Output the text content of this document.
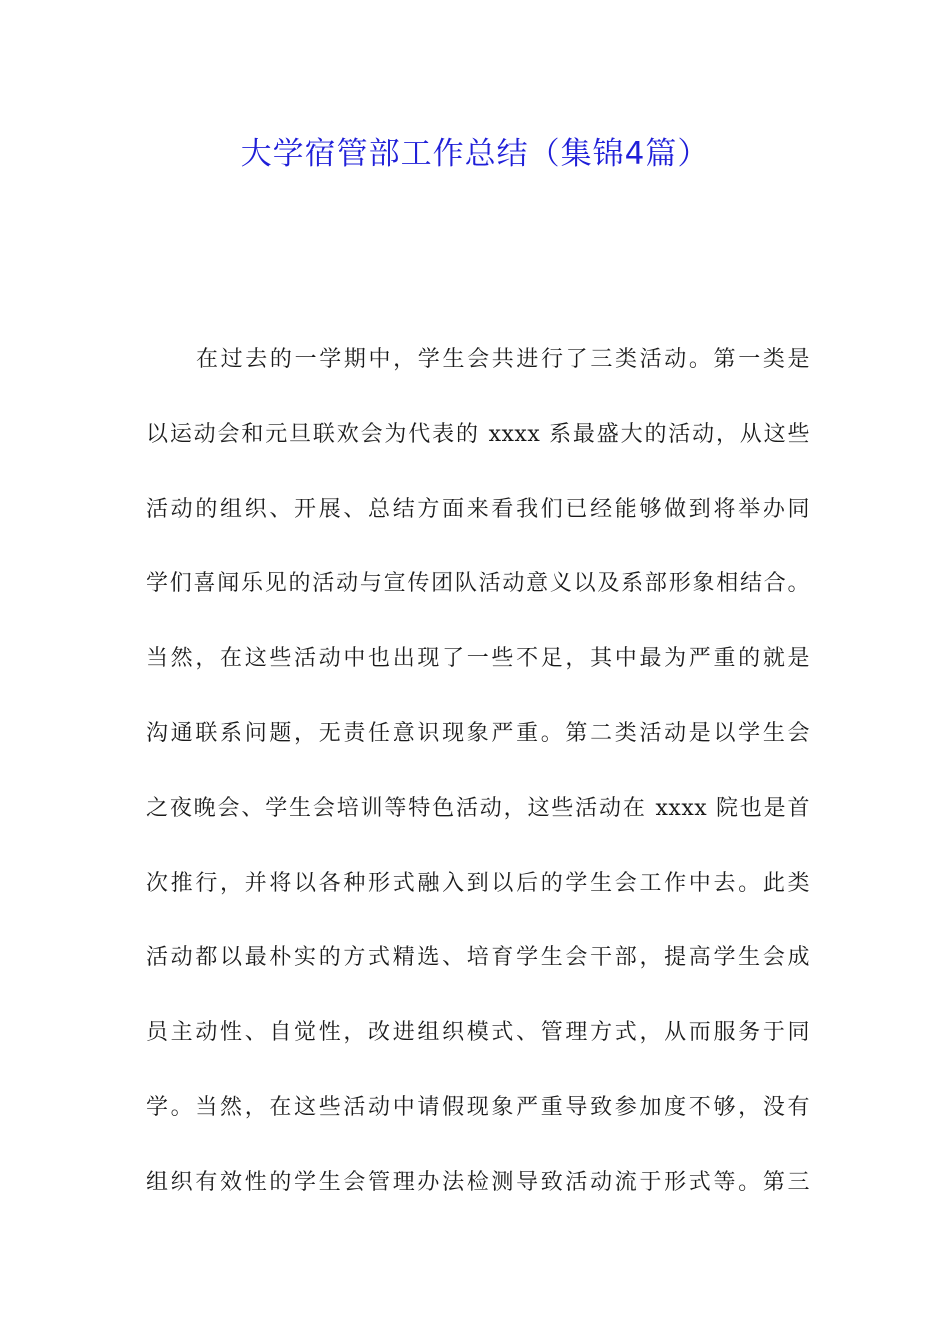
大学宿管部工作总结（集锦4篇）
在过去的一学期中，学生会共进行了三类活动。第一类是
以运动会和元旦联欢会为代表的 xxxx 系最盛大的活动，从这些
活动的组织、开展、总结方面来看我们已经能够做到将举办同
学们喜闻乐见的活动与宣传团队活动意义以及系部形象相结合。
当然，在这些活动中也出现了一些不足，其中最为严重的就是
沟通联系问题，无责任意识现象严重。第二类活动是以学生会
之夜晚会、学生会培训等特色活动，这些活动在 xxxx 院也是首
次推行，并将以各种形式融入到以后的学生会工作中去。此类
活动都以最朴实的方式精选、培育学生会干部，提高学生会成
员主动性、自觉性，改进组织模式、管理方式，从而服务于同
学。当然，在这些活动中请假现象严重导致参加度不够，没有
组织有效性的学生会管理办法检测导致活动流于形式等。第三
